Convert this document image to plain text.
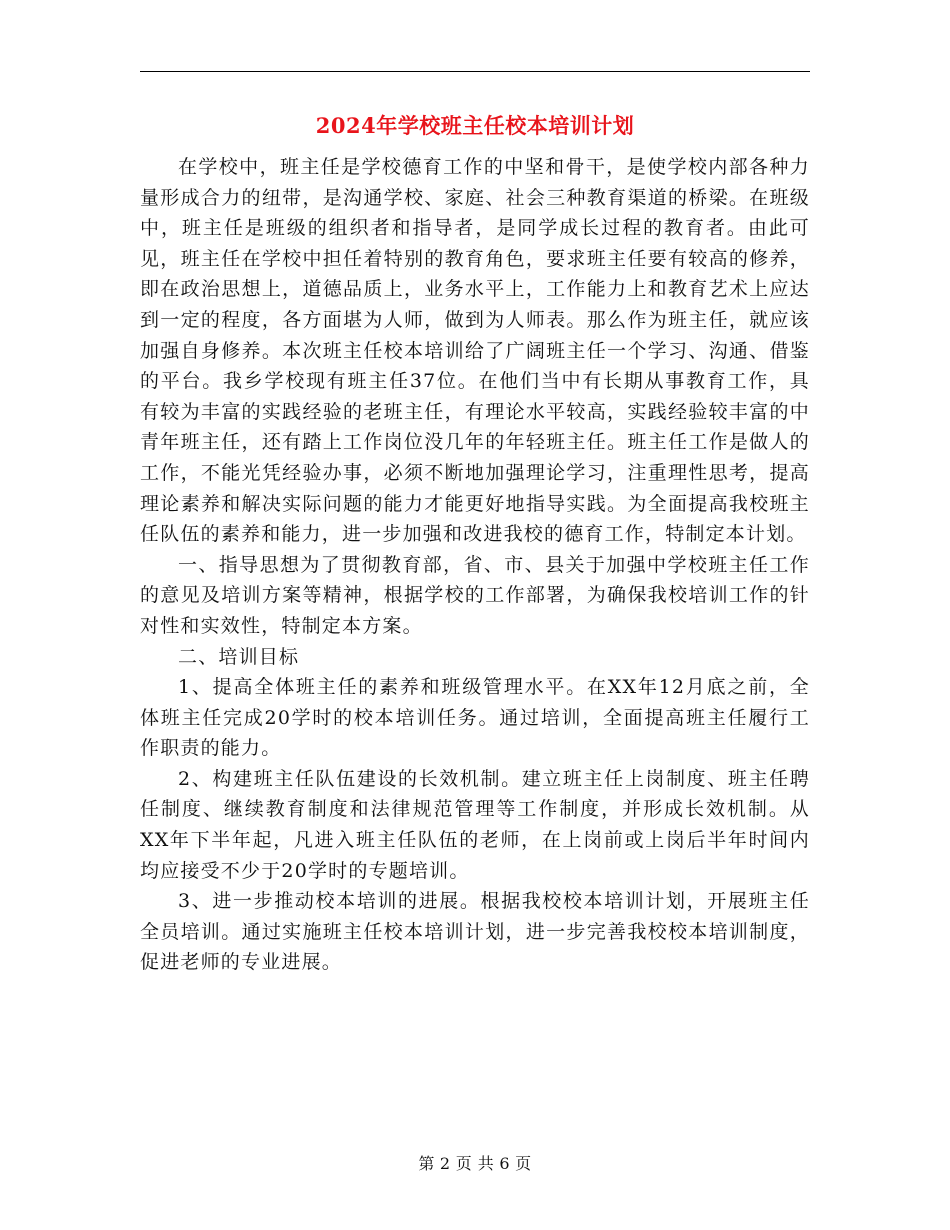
2024年学校班主任校本培训计划

在学校中，班主任是学校德育工作的中坚和骨干，是使学校内部各种力量形成合力的纽带，是沟通学校、家庭、社会三种教育渠道的桥梁。在班级中，班主任是班级的组织者和指导者，是同学成长过程的教育者。由此可见，班主任在学校中担任着特别的教育角色，要求班主任要有较高的修养，即在政治思想上，道德品质上，业务水平上，工作能力上和教育艺术上应达到一定的程度，各方面堪为人师，做到为人师表。那么作为班主任，就应该加强自身修养。本次班主任校本培训给了广阔班主任一个学习、沟通、借鉴的平台。我乡学校现有班主任37位。在他们当中有长期从事教育工作，具有较为丰富的实践经验的老班主任，有理论水平较高，实践经验较丰富的中青年班主任，还有踏上工作岗位没几年的年轻班主任。班主任工作是做人的工作，不能光凭经验办事，必须不断地加强理论学习，注重理性思考，提高理论素养和解决实际问题的能力才能更好地指导实践。为全面提高我校班主任队伍的素养和能力，进一步加强和改进我校的德育工作，特制定本计划。

一、指导思想为了贯彻教育部，省、市、县关于加强中学校班主任工作的意见及培训方案等精神，根据学校的工作部署，为确保我校培训工作的针对性和实效性，特制定本方案。

二、培训目标

1、提高全体班主任的素养和班级管理水平。在XX年12月底之前，全体班主任完成20学时的校本培训任务。通过培训，全面提高班主任履行工作职责的能力。

2、构建班主任队伍建设的长效机制。建立班主任上岗制度、班主任聘任制度、继续教育制度和法律规范管理等工作制度，并形成长效机制。从XX年下半年起，凡进入班主任队伍的老师，在上岗前或上岗后半年时间内均应接受不少于20学时的专题培训。

3、进一步推动校本培训的进展。根据我校校本培训计划，开展班主任全员培训。通过实施班主任校本培训计划，进一步完善我校校本培训制度，促进老师的专业进展。

第 2 页 共 6 页
